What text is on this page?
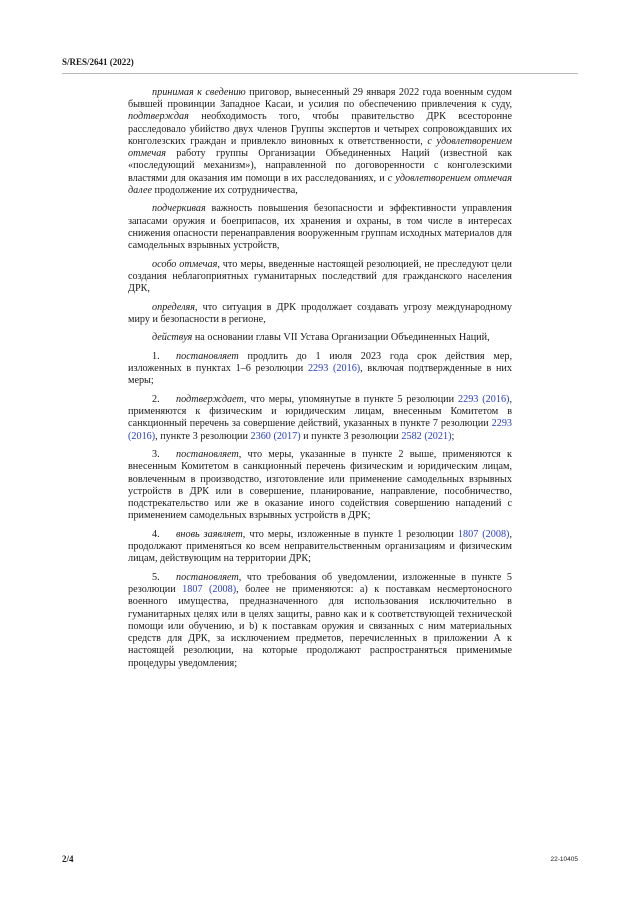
S/RES/2641 (2022)

принимая к сведению приговор, вынесенный 29 января 2022 года военным судом бывшей провинции Западное Касаи, и усилия по обеспечению привлечения к суду, подтверждая необходимость того, чтобы правительство ДРК всесторонне расследовало убийство двух членов Группы экспертов и четырех сопровождавших их конголезских граждан и привлекло виновных к ответственности, с удовлетворением отмечая работу группы Организации Объединенных Наций (известной как «последующий механизм»), направленной по договоренности с конголезскими властями для оказания им помощи в их расследованиях, и с удовлетворением отмечая далее продолжение их сотрудничества,

подчеркивая важность повышения безопасности и эффективности управления запасами оружия и боеприпасов, их хранения и охраны, в том числе в интересах снижения опасности перенаправления вооруженным группам исходных материалов для самодельных взрывных устройств,

особо отмечая, что меры, введенные настоящей резолюцией, не преследуют цели создания неблагоприятных гуманитарных последствий для гражданского населения ДРК,

определяя, что ситуация в ДРК продолжает создавать угрозу международному миру и безопасности в регионе,

действуя на основании главы VII Устава Организации Объединенных Наций,

1. постановляет продлить до 1 июля 2023 года срок действия мер, изложенных в пунктах 1–6 резолюции 2293 (2016), включая подтвержденные в них меры;

2. подтверждает, что меры, упомянутые в пункте 5 резолюции 2293 (2016), применяются к физическим и юридическим лицам, внесенным Комитетом в санкционный перечень за совершение действий, указанных в пункте 7 резолюции 2293 (2016), пункте 3 резолюции 2360 (2017) и пункте 3 резолюции 2582 (2021);

3. постановляет, что меры, указанные в пункте 2 выше, применяются к внесенным Комитетом в санкционный перечень физическим и юридическим лицам, вовлеченным в производство, изготовление или применение самодельных взрывных устройств в ДРК или в совершение, планирование, направление, пособничество, подстрекательство или же в оказание иного содействия совершению нападений с применением самодельных взрывных устройств в ДРК;

4. вновь заявляет, что меры, изложенные в пункте 1 резолюции 1807 (2008), продолжают применяться ко всем неправительственным организациям и физическим лицам, действующим на территории ДРК;

5. постановляет, что требования об уведомлении, изложенные в пункте 5 резолюции 1807 (2008), более не применяются: a) к поставкам несмертоносного военного имущества, предназначенного для использования исключительно в гуманитарных целях или в целях защиты, равно как и к соответствующей технической помощи или обучению, и b) к поставкам оружия и связанных с ним материальных средств для ДРК, за исключением предметов, перечисленных в приложении А к настоящей резолюции, на которые продолжают распространяться применимые процедуры уведомления;

2/4	22-10405
